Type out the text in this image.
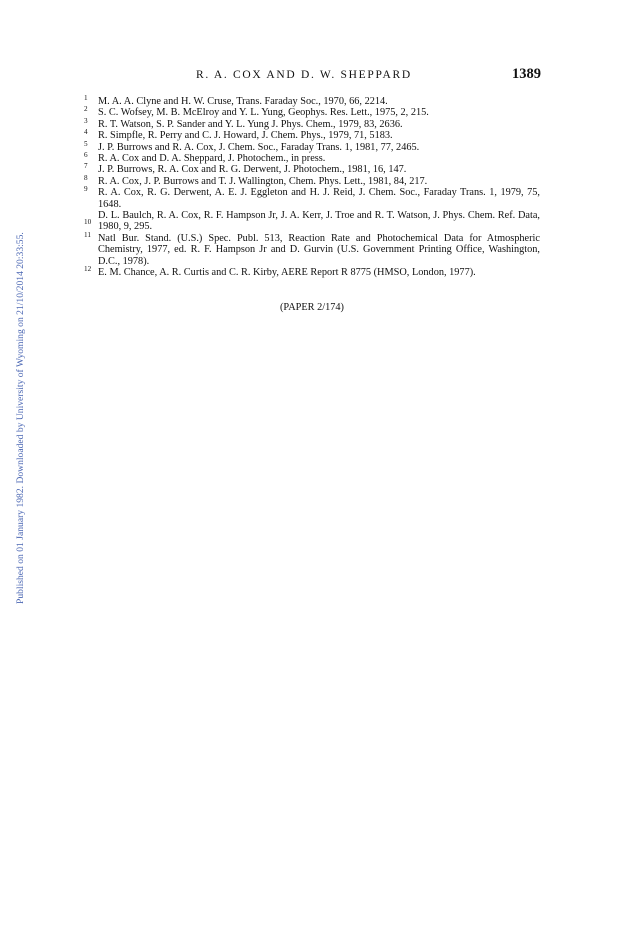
Published on 01 January 1982. Downloaded by University of Wyoming on 21/10/2014 20:33:55.
R. A. COX AND D. W. SHEPPARD	1389
1 M. A. A. Clyne and H. W. Cruse, Trans. Faraday Soc., 1970, 66, 2214.
2 S. C. Wofsey, M. B. McElroy and Y. L. Yung, Geophys. Res. Lett., 1975, 2, 215.
3 R. T. Watson, S. P. Sander and Y. L. Yung J. Phys. Chem., 1979, 83, 2636.
4 R. Simpfle, R. Perry and C. J. Howard, J. Chem. Phys., 1979, 71, 5183.
5 J. P. Burrows and R. A. Cox, J. Chem. Soc., Faraday Trans. 1, 1981, 77, 2465.
6 R. A. Cox and D. A. Sheppard, J. Photochem., in press.
7 J. P. Burrows, R. A. Cox and R. G. Derwent, J. Photochem., 1981, 16, 147.
8 R. A. Cox, J. P. Burrows and T. J. Wallington, Chem. Phys. Lett., 1981, 84, 217.
9 R. A. Cox, R. G. Derwent, A. E. J. Eggleton and H. J. Reid, J. Chem. Soc., Faraday Trans. 1, 1979, 75, 1648.
10
D. L. Baulch, R. A. Cox, R. F. Hampson Jr, J. A. Kerr, J. Troe and R. T. Watson, J. Phys. Chem. Ref. Data, 1980, 9, 295.
11 Natl Bur. Stand. (U.S.) Spec. Publ. 513, Reaction Rate and Photochemical Data for Atmospheric Chemistry, 1977, ed. R. F. Hampson Jr and D. Gurvin (U.S. Government Printing Office, Washington, D.C., 1978).
12 E. M. Chance, A. R. Curtis and C. R. Kirby, AERE Report R 8775 (HMSO, London, 1977).
(PAPER 2/174)
